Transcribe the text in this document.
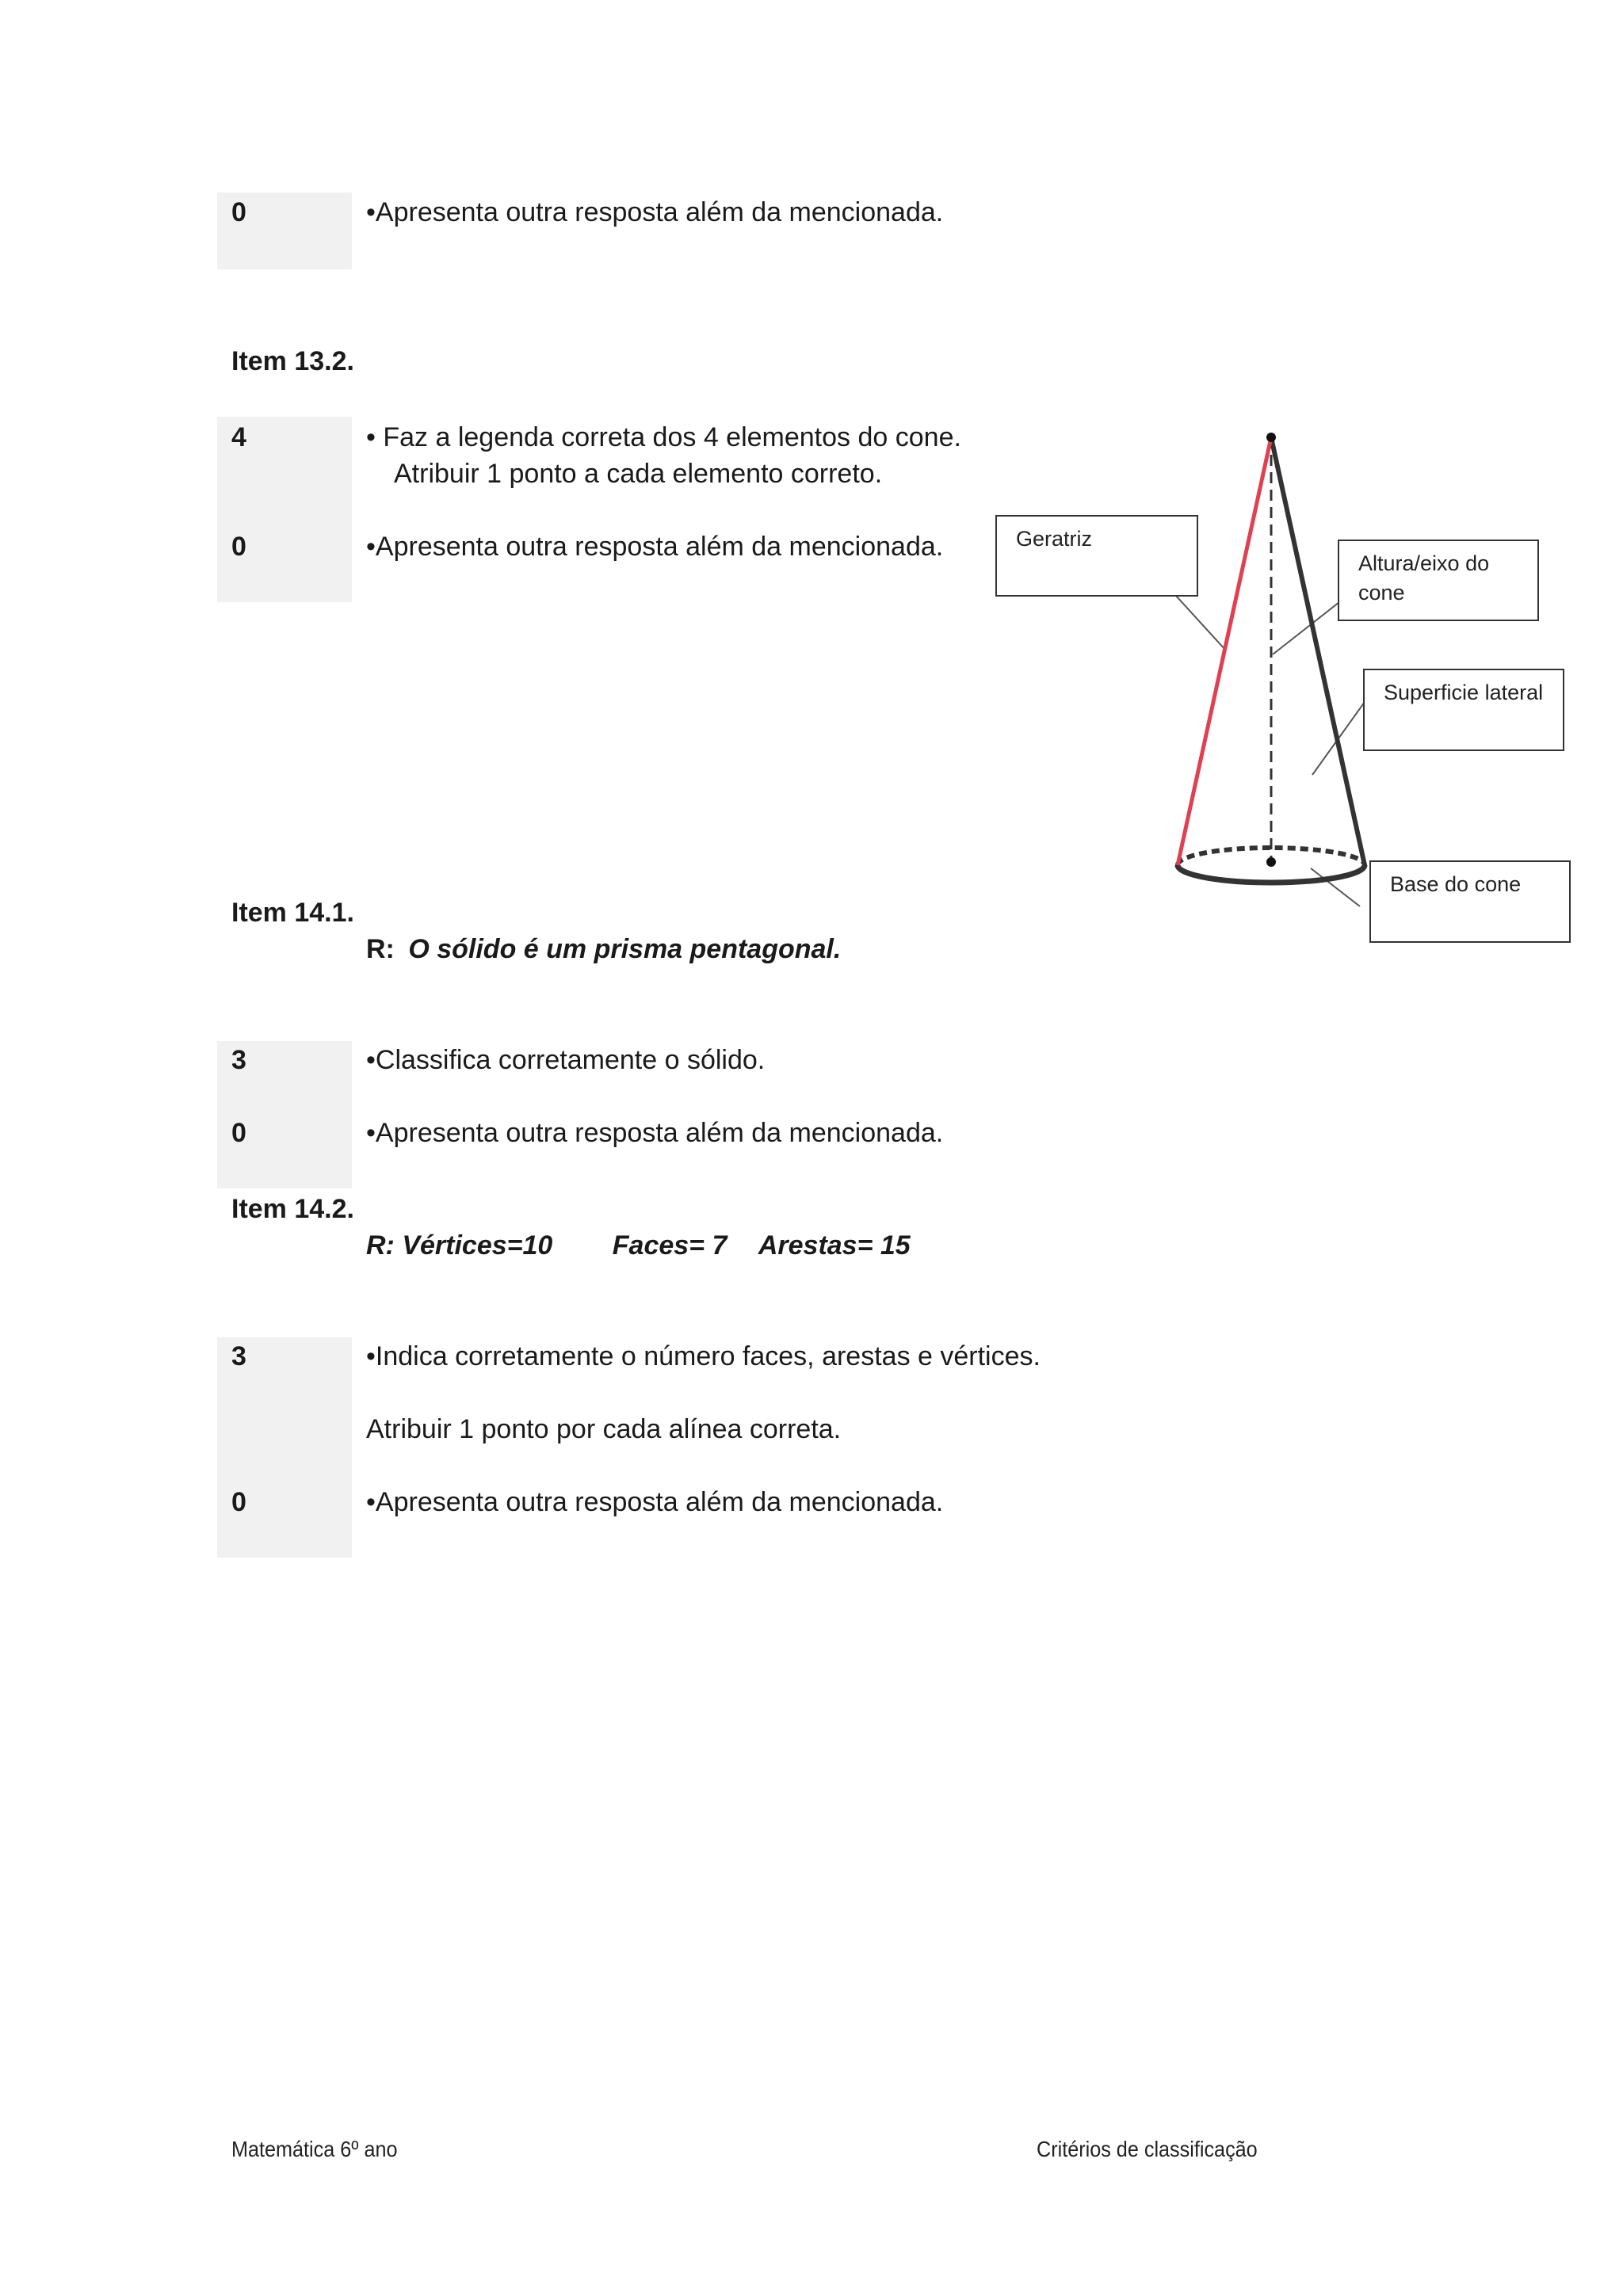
0	•Apresenta outra resposta além da mencionada.
Item 13.2.
4	• Faz a legenda correta dos 4 elementos do cone.
Atribuir 1 ponto a cada elemento correto.
0	•Apresenta outra resposta além da mencionada.	Geratriz
Altura/eixo do cone
Superficie lateral
Base do cone
Item 14.1.
R: O sólido é um prisma pentagonal.
3	•Classifica corretamente o sólido.
0	•Apresenta outra resposta além da mencionada.
Item 14.2.
R: Vértices=10 Faces= 7 Arestas= 15
3	•Indica corretamente o número faces, arestas e vértices.
Atribuir 1 ponto por cada alínea correta.
0	•Apresenta outra resposta além da mencionada.
Matemática 6º ano	Critérios de classificação
